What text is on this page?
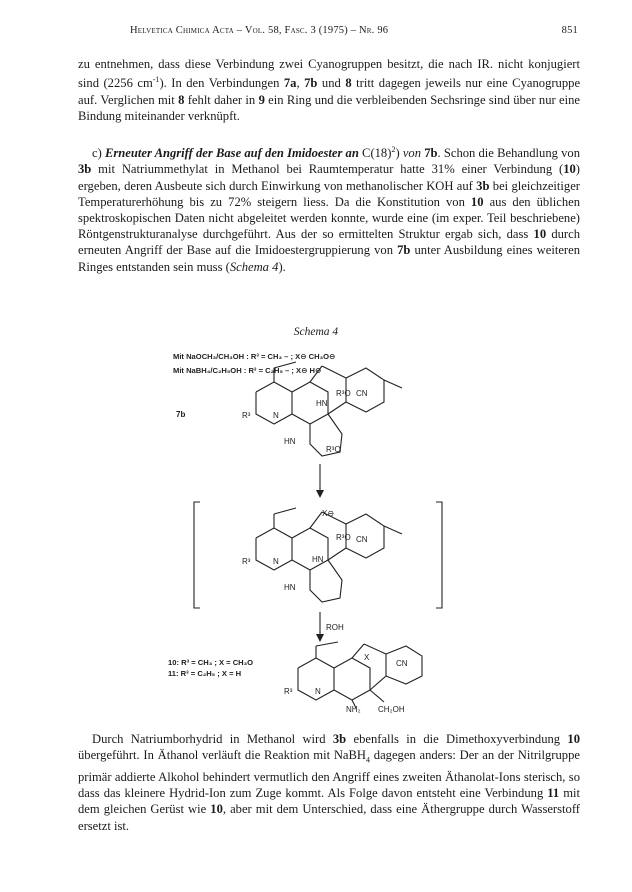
Helvetica Chimica Acta – Vol. 58, Fasc. 3 (1975) – Nr. 96	851

zu entnehmen, dass diese Verbindung zwei Cyanogruppen besitzt, die nach IR. nicht konjugiert sind (2256 $cm^{-1}$). In den Verbindungen 7a, 7b und 8 tritt dagegen jeweils nur eine Cyanogruppe auf. Verglichen mit 8 fehlt daher in 9 ein Ring und die verbleibenden Sechsringe sind über nur eine Bindung miteinander verknüpft.

c) Erneuter Angriff der Base auf den Imidoester an $C(18)^2$) von 7b. Schon die Behandlung von 3b mit Natriummethylat in Methanol bei Raumtemperatur hatte 31% einer Verbindung (10) ergeben, deren Ausbeute sich durch Einwirkung von methanolischer KOH auf 3b bei gleichzeitiger Temperaturerhöhung bis zu 72% steigern liess. Da die Konstitution von 10 aus den üblichen spektroskopischen Daten nicht abgeleitet werden konnte, wurde eine (im exper. Teil beschriebene) Röntgenstrukturanalyse durchgeführt. Aus der so ermittelten Struktur ergab sich, dass 10 durch erneuten Angriff der Base auf die Imidoestergruppierung von 7b unter Ausbildung eines weiteren Ringes entstanden sein muss (Schema 4).

Schema 4
Mit NaOCH₃/CH₃OH : R³ = CH₃ – ; X⊖ CH₃O⊖
Mit NaBH₄/C₂H₅OH : R³ = C₂H₅ – ; X⊖ H⊖
7b
10: R³ = CH₃ ; X = CH₃O
11: R³ = C₂H₅ ; X = H
R³O
R³	N
R³O
HN
CN
HN
X⊖
R³	N
R³O
HN
CN
HN
ROH
R³	N
X
CN
NH₂ CH₂OH

Durch Natriumborhydrid in Methanol wird 3b ebenfalls in die Dimethoxyverbindung 10 übergeführt. In Äthanol verläuft die Reaktion mit NaBH$_4$ dagegen anders: Der an der Nitrilgruppe primär addierte Alkohol behindert vermutlich den Angriff eines zweiten Äthanolat-Ions sterisch, so dass das kleinere Hydrid-Ion zum Zuge kommt. Als Folge davon entsteht eine Verbindung 11 mit dem gleichen Gerüst wie 10, aber mit dem Unterschied, dass eine Äthergruppe durch Wasserstoff ersetzt ist.
